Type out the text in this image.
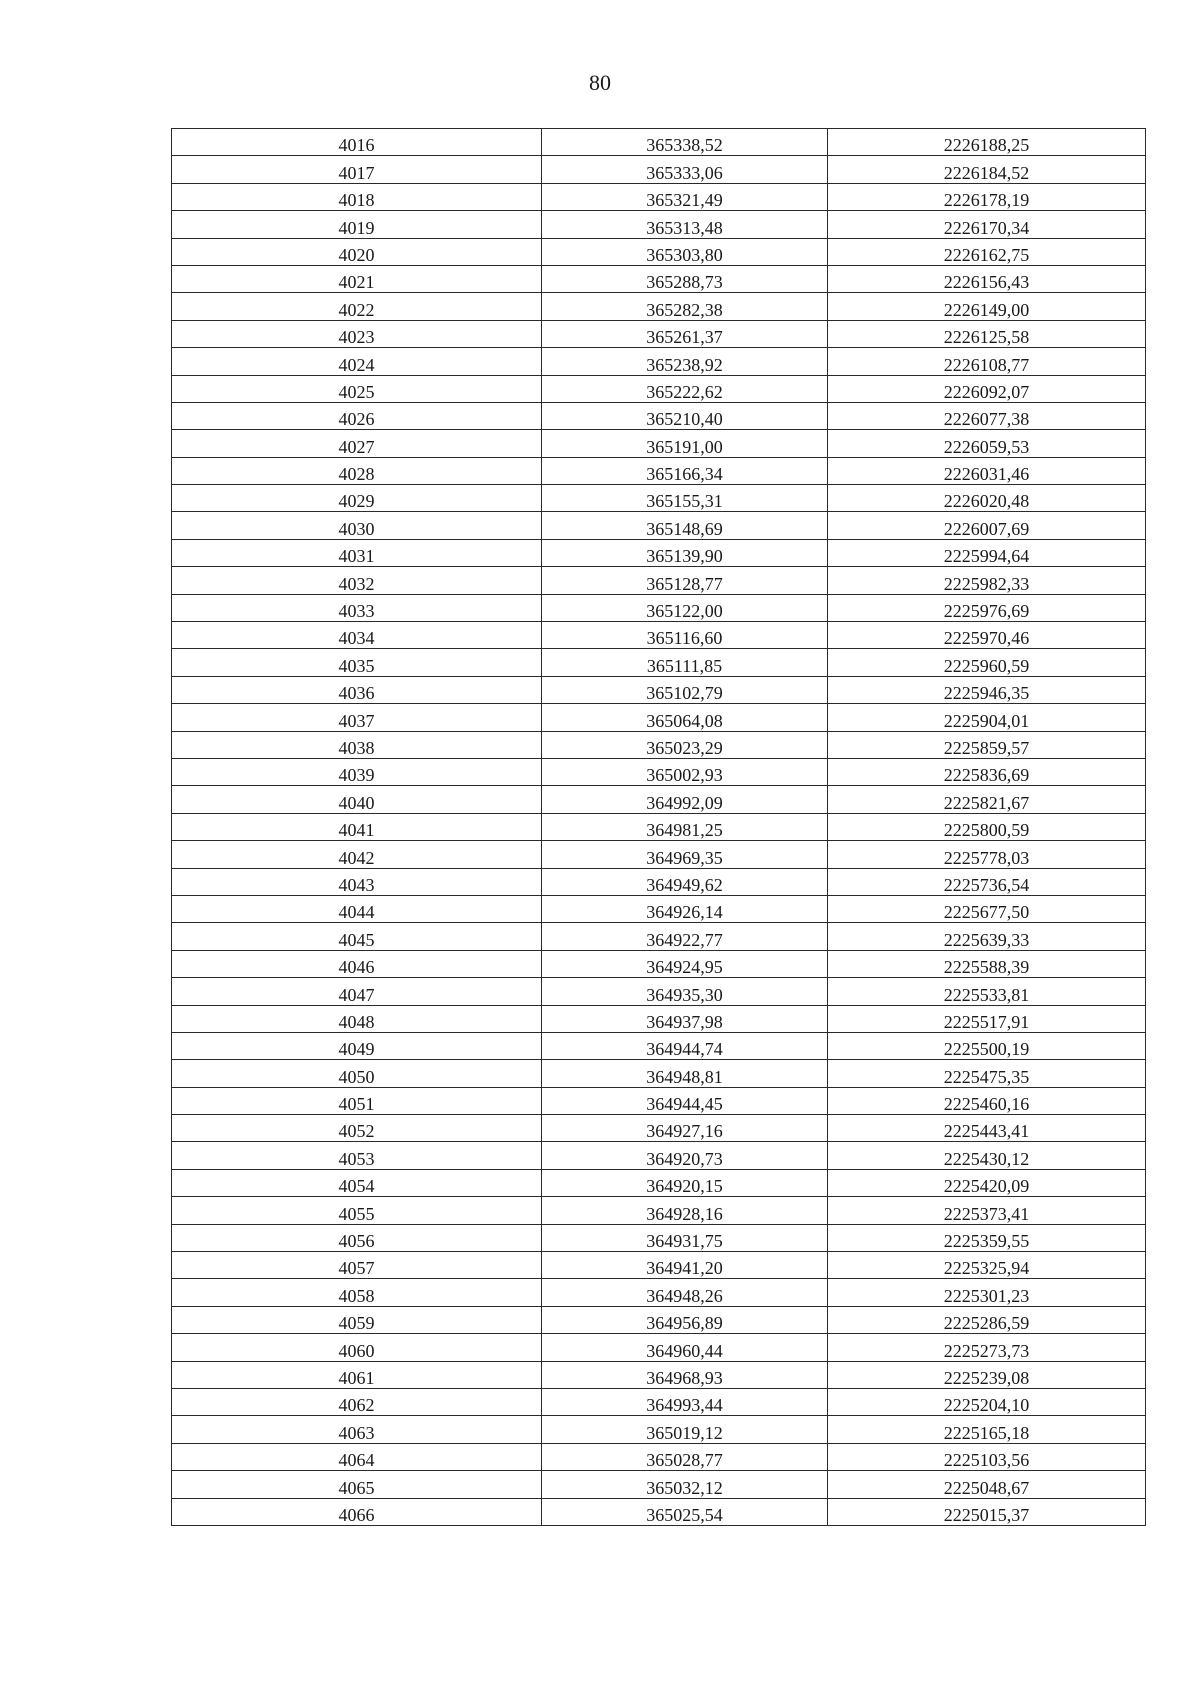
80
4016	365338,52	2226188,25
4017	365333,06	2226184,52
4018	365321,49	2226178,19
4019	365313,48	2226170,34
4020	365303,80	2226162,75
4021	365288,73	2226156,43
4022	365282,38	2226149,00
4023	365261,37	2226125,58
4024	365238,92	2226108,77
4025	365222,62	2226092,07
4026	365210,40	2226077,38
4027	365191,00	2226059,53
4028	365166,34	2226031,46
4029	365155,31	2226020,48
4030	365148,69	2226007,69
4031	365139,90	2225994,64
4032	365128,77	2225982,33
4033	365122,00	2225976,69
4034	365116,60	2225970,46
4035	365111,85	2225960,59
4036	365102,79	2225946,35
4037	365064,08	2225904,01
4038	365023,29	2225859,57
4039	365002,93	2225836,69
4040	364992,09	2225821,67
4041	364981,25	2225800,59
4042	364969,35	2225778,03
4043	364949,62	2225736,54
4044	364926,14	2225677,50
4045	364922,77	2225639,33
4046	364924,95	2225588,39
4047	364935,30	2225533,81
4048	364937,98	2225517,91
4049	364944,74	2225500,19
4050	364948,81	2225475,35
4051	364944,45	2225460,16
4052	364927,16	2225443,41
4053	364920,73	2225430,12
4054	364920,15	2225420,09
4055	364928,16	2225373,41
4056	364931,75	2225359,55
4057	364941,20	2225325,94
4058	364948,26	2225301,23
4059	364956,89	2225286,59
4060	364960,44	2225273,73
4061	364968,93	2225239,08
4062	364993,44	2225204,10
4063	365019,12	2225165,18
4064	365028,77	2225103,56
4065	365032,12	2225048,67
4066	365025,54	2225015,37
